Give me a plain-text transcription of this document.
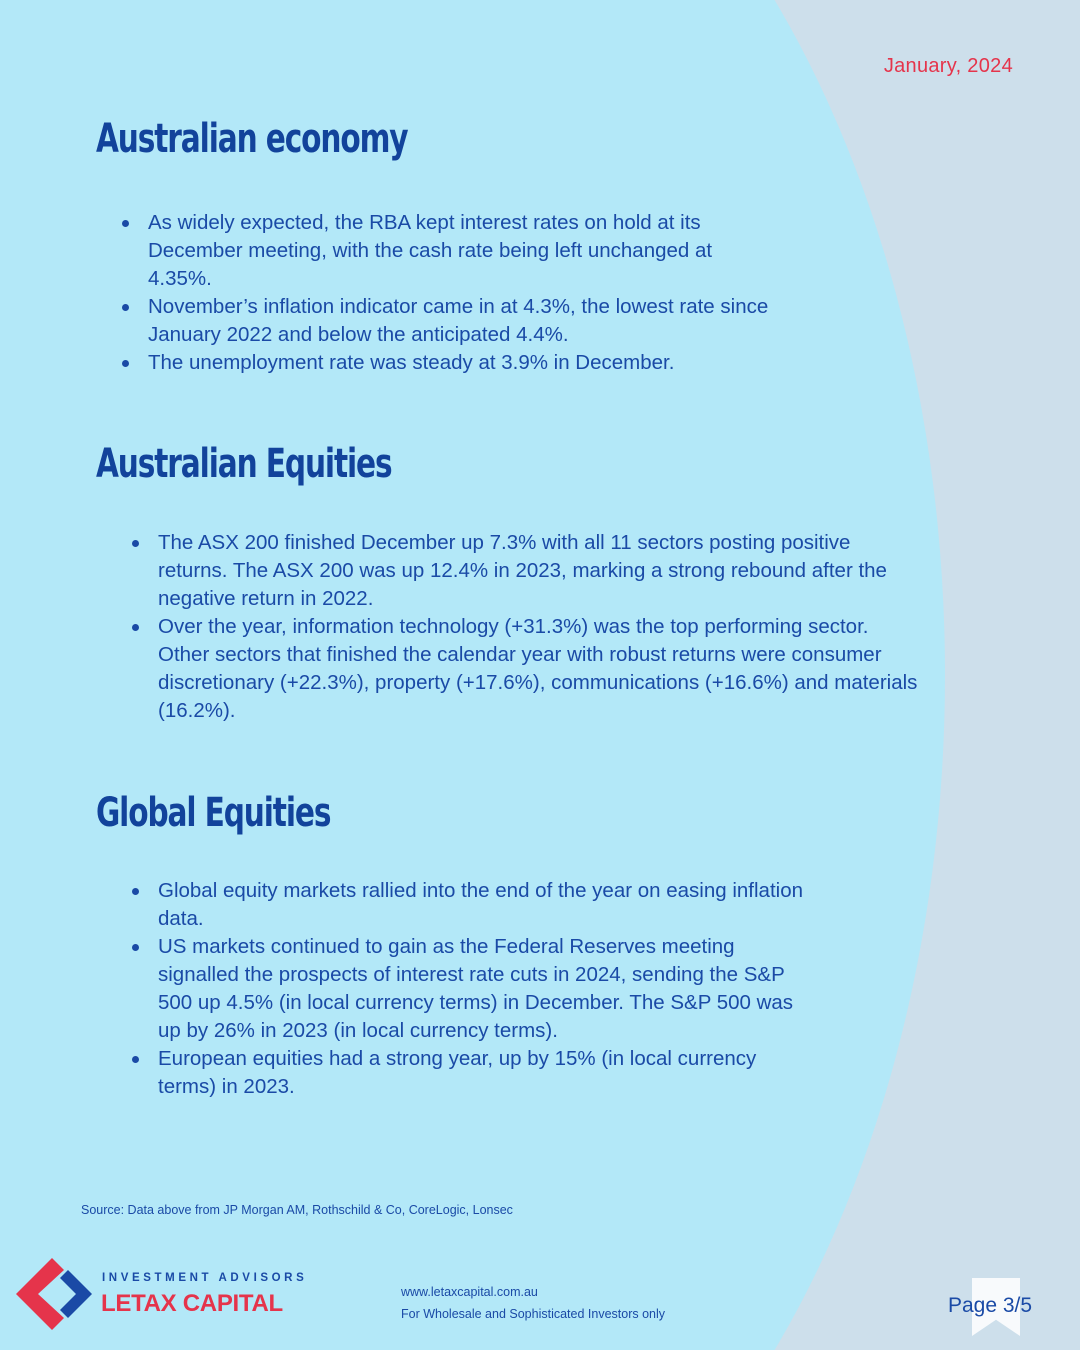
January, 2024
Australian economy
As widely expected, the RBA kept interest rates on hold at its December meeting, with the cash rate being left unchanged at 4.35%.
November’s inflation indicator came in at 4.3%, the lowest rate since January 2022 and below the anticipated 4.4%.
The unemployment rate was steady at 3.9% in December.
Australian Equities
The ASX 200 finished December up 7.3% with all 11 sectors posting positive returns. The ASX 200 was up 12.4% in 2023, marking a strong rebound after the negative return in 2022.
Over the year, information technology (+31.3%) was the top performing sector. Other sectors that finished the calendar year with robust returns were consumer discretionary (+22.3%), property (+17.6%), communications (+16.6%) and materials (16.2%).
Global Equities
Global equity markets rallied into the end of the year on easing inflation data.
US markets continued to gain as the Federal Reserves meeting signalled the prospects of interest rate cuts in 2024, sending the S&P 500 up 4.5% (in local currency terms) in December. The S&P 500 was up by 26% in 2023 (in local currency terms).
European equities had a strong year, up by 15% (in local currency terms) in 2023.
Source: Data above from JP Morgan AM, Rothschild & Co, CoreLogic, Lonsec
INVESTMENT ADVISORS
LETAX CAPITAL	www.letaxcapital.com.au
For Wholesale and Sophisticated Investors only	Page 3/5
